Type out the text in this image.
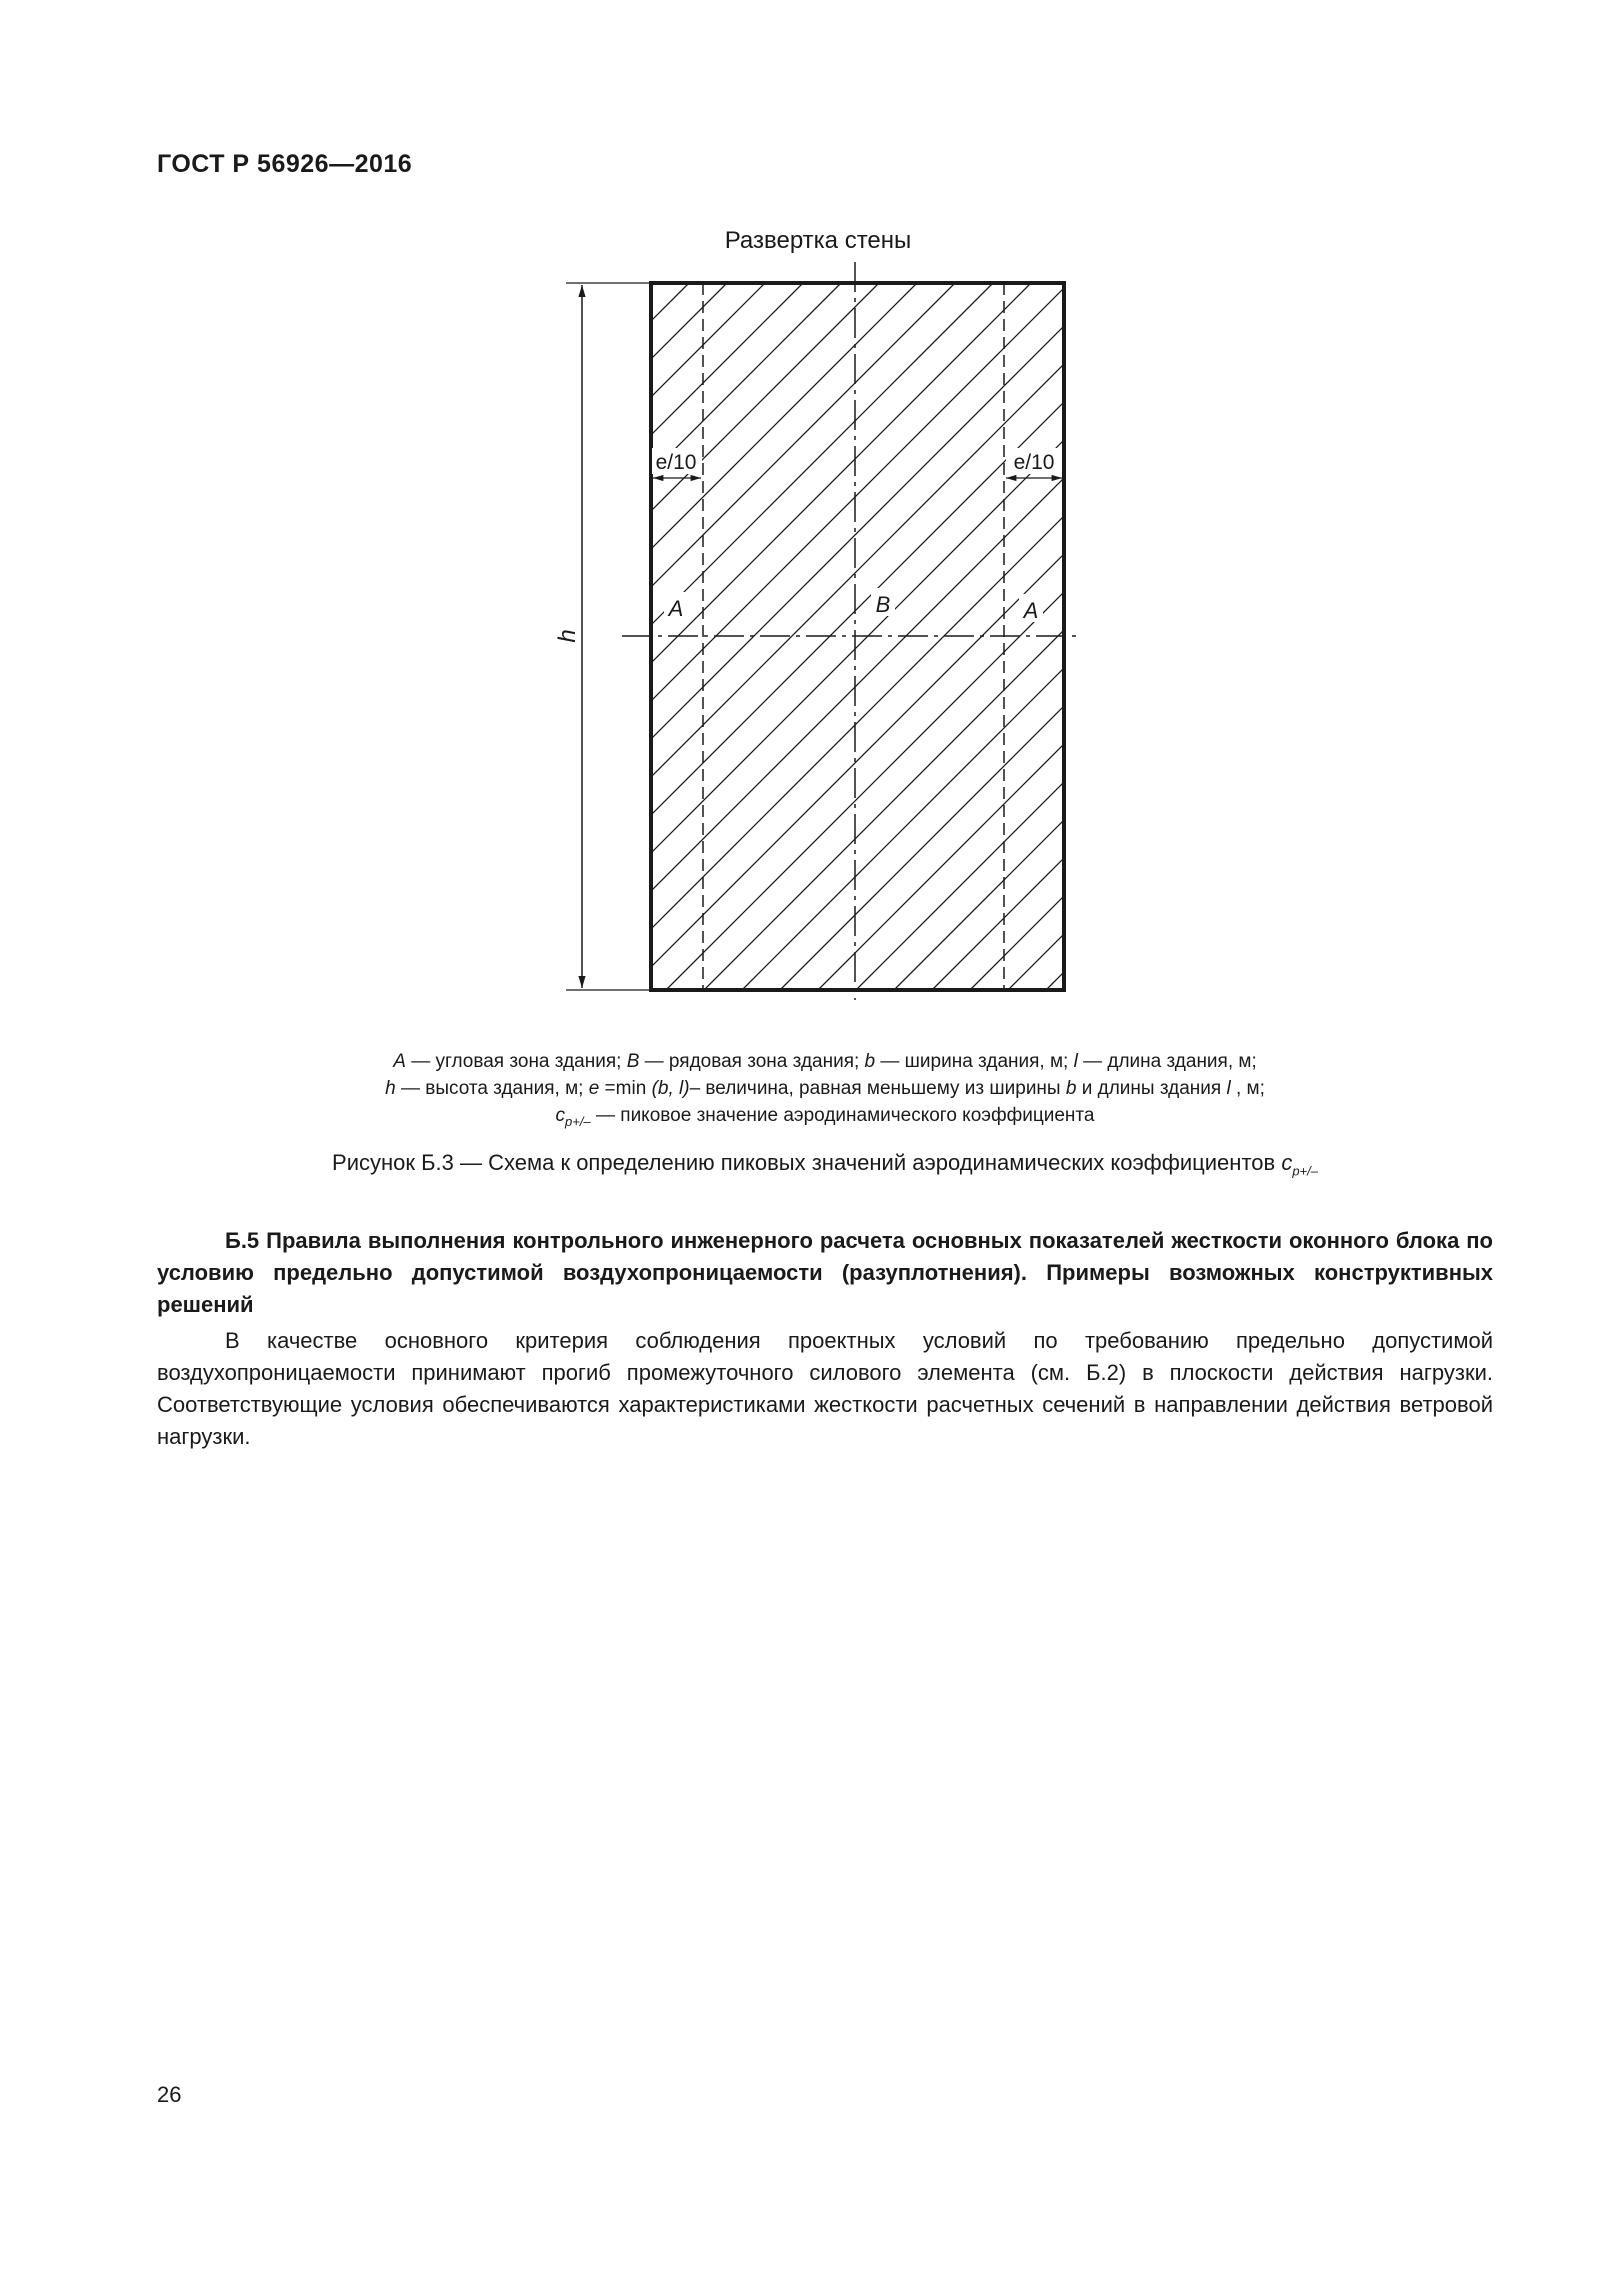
ГОСТ Р 56926—2016
Развертка стены
h
e/10	e/10
A	B	A
A — угловая зона здания; B — рядовая зона здания; b — ширина здания, м; l — длина здания, м;
h — высота здания, м; e =min (b, l)– величина, равная меньшему из ширины b и длины здания l , м;
$c_{p+/-}$ — пиковое значение аэродинамического коэффициента
Рисунок Б.3 — Схема к определению пиковых значений аэродинамических коэффициентов $c_{p+/-}$
Б.5 Правила выполнения контрольного инженерного расчета основных показателей жесткости оконного блока по условию предельно допустимой воздухопроницаемости (разуплотнения). Примеры возможных конструктивных решений
В качестве основного критерия соблюдения проектных условий по требованию предельно допустимой воздухопроницаемости принимают прогиб промежуточного силового элемента (см. Б.2) в плоскости действия нагрузки. Соответствующие условия обеспечиваются характеристиками жесткости расчетных сечений в направлении действия ветровой нагрузки.
26
